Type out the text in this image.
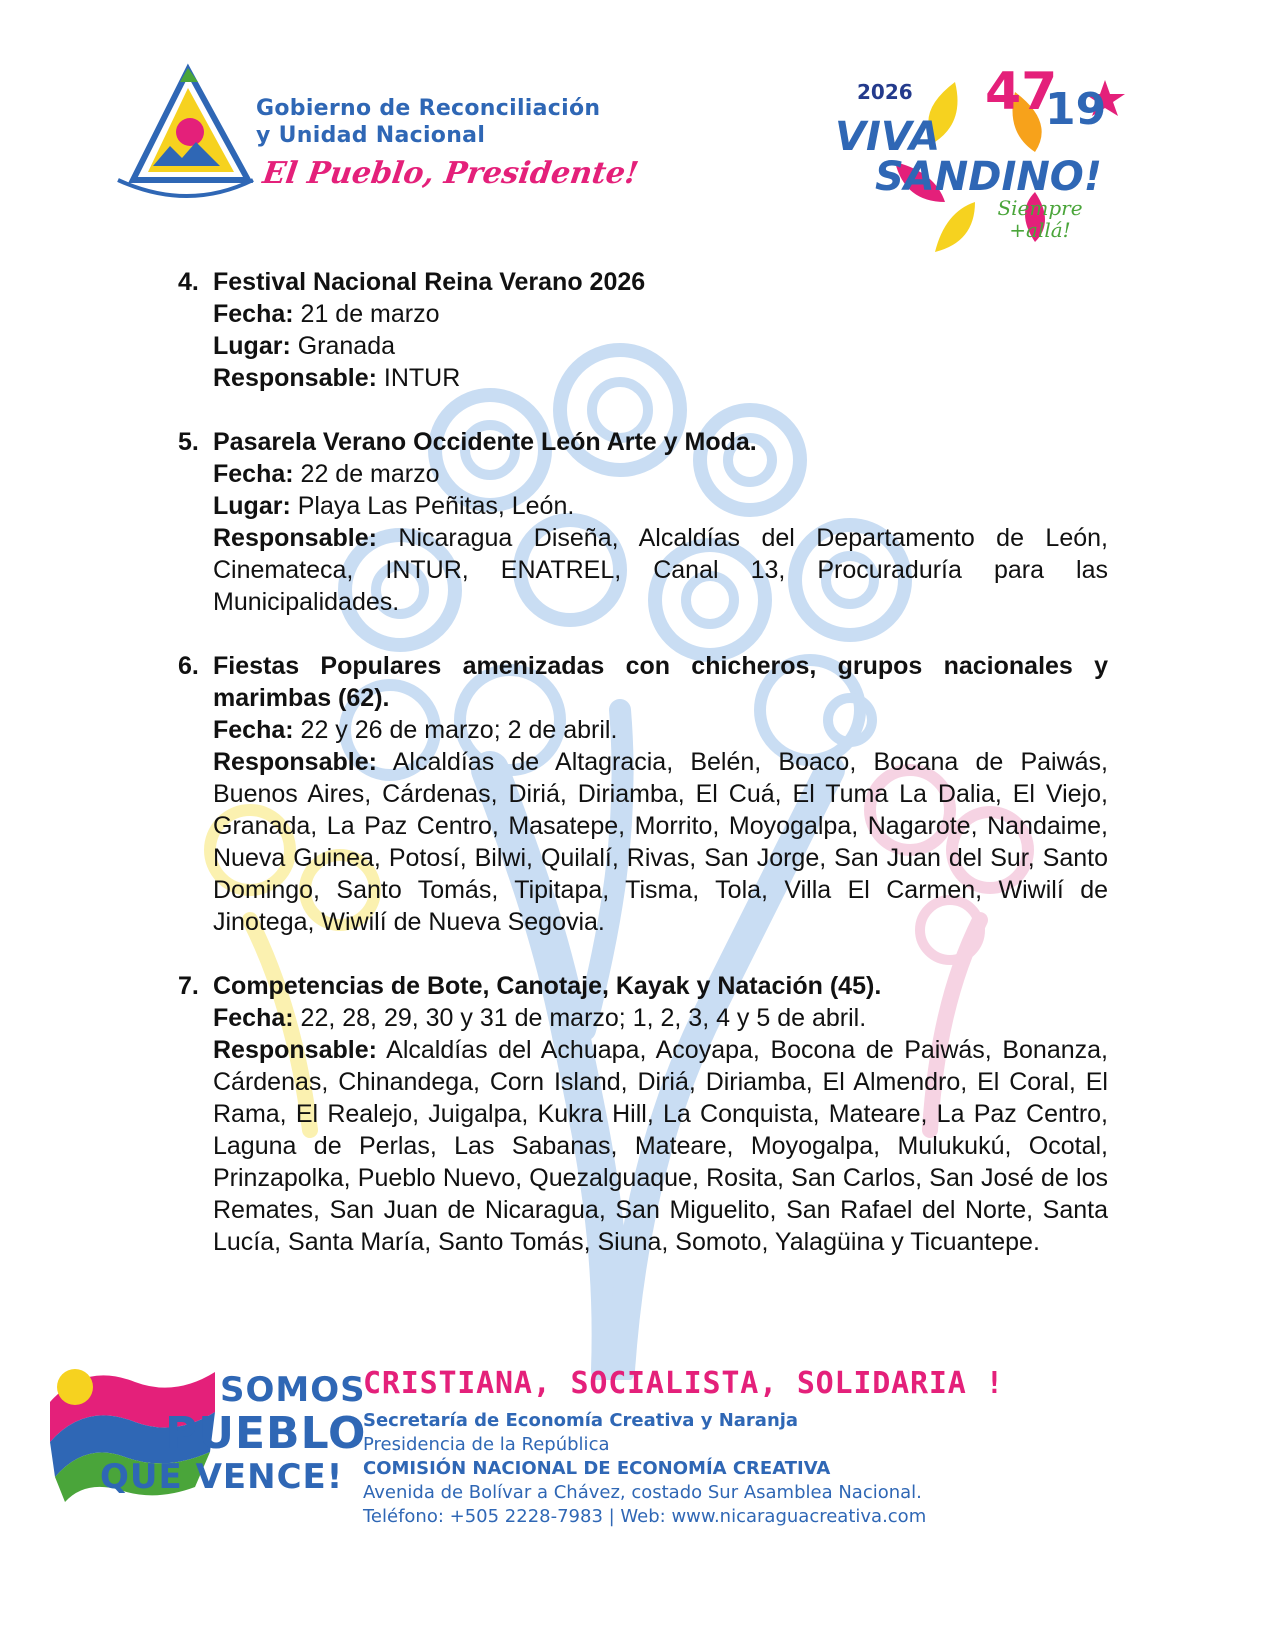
Gobierno de Reconciliación
y Unidad Nacional
El Pueblo, Presidente!
2026 47
19
VIVA
SANDINO!
Siempre
+allá!
4. Festival Nacional Reina Verano 2026
Fecha: 21 de marzo
Lugar: Granada
Responsable: INTUR
5. Pasarela Verano Occidente León Arte y Moda.
Fecha: 22 de marzo
Lugar: Playa Las Peñitas, León.
Responsable: Nicaragua Diseña, Alcaldías del Departamento de León, Cinemateca, INTUR, ENATREL, Canal 13, Procuraduría para las Municipalidades.
6. Fiestas Populares amenizadas con chicheros, grupos nacionales y marimbas (62).
Fecha: 22 y 26 de marzo; 2 de abril.
Responsable: Alcaldías de Altagracia, Belén, Boaco, Bocana de Paiwás, Buenos Aires, Cárdenas, Diriá, Diriamba, El Cuá, El Tuma La Dalia, El Viejo, Granada, La Paz Centro, Masatepe, Morrito, Moyogalpa, Nagarote, Nandaime, Nueva Guinea, Potosí, Bilwi, Quilalí, Rivas, San Jorge, San Juan del Sur, Santo Domingo, Santo Tomás, Tipitapa, Tisma, Tola, Villa El Carmen, Wiwilí de Jinotega, Wiwilí de Nueva Segovia.
7. Competencias de Bote, Canotaje, Kayak y Natación (45).
Fecha: 22, 28, 29, 30 y 31 de marzo; 1, 2, 3, 4 y 5 de abril.
Responsable: Alcaldías del Achuapa, Acoyapa, Bocona de Paiwás, Bonanza, Cárdenas, Chinandega, Corn Island, Diriá, Diriamba, El Almendro, El Coral, El Rama, El Realejo, Juigalpa, Kukra Hill, La Conquista, Mateare, La Paz Centro, Laguna de Perlas, Las Sabanas, Mateare, Moyogalpa, Mulukukú, Ocotal, Prinzapolka, Pueblo Nuevo, Quezalguaque, Rosita, San Carlos, San José de los Remates, San Juan de Nicaragua, San Miguelito, San Rafael del Norte, Santa Lucía, Santa María, Santo Tomás, Siuna, Somoto, Yalagüina y Ticuantepe.
SOMOS
PUEBLO
QUE VENCE!
CRISTIANA, SOCIALISTA, SOLIDARIA !
Secretaría de Economía Creativa y Naranja
Presidencia de la República
COMISIÓN NACIONAL DE ECONOMÍA CREATIVA
Avenida de Bolívar a Chávez, costado Sur Asamblea Nacional.
Teléfono: +505 2228-7983 | Web: www.nicaraguacreativa.com
